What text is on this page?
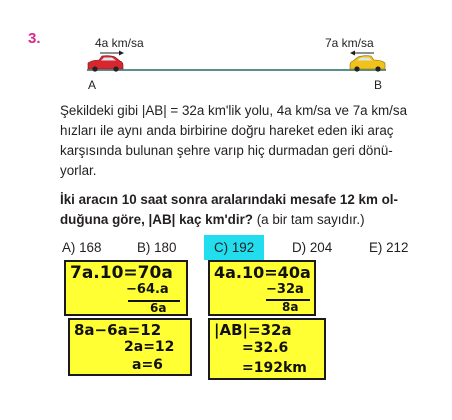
3.	4a km/sa	7a km/sa
A	B
Şekildeki gibi |AB| = 32a km'lik yolu, 4a km/sa ve 7a km/sa
hızları ile aynı anda birbirine doğru hareket eden iki araç
karşısında bulunan şehre varıp hiç durmadan geri dönü-
yorlar.
İki aracın 10 saat sonra aralarındaki mesafe 12 km ol-
duğuna göre, |AB| kaç km'dir? (a bir tam sayıdır.)
A) 168	B) 180	C) 192	D) 204	E) 212
7a.10=70a
−64.a
6a
4a.10=40a
−32a
8a
8a−6a=12
2a=12
a=6
|AB|=32a
=32.6
=192km
